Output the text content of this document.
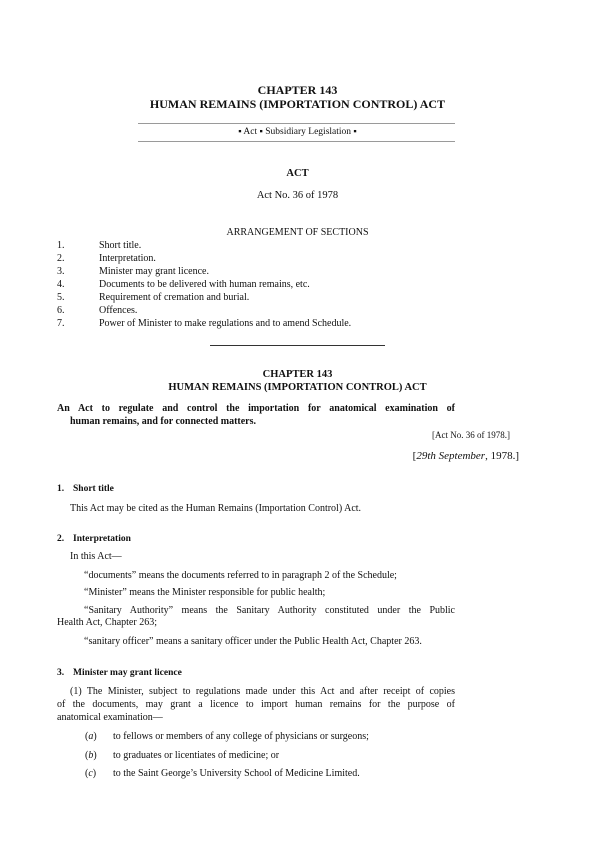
CHAPTER 143
HUMAN REMAINS (IMPORTATION CONTROL) ACT
▪ Act ▪ Subsidiary Legislation ▪
ACT
Act No. 36 of 1978
ARRANGEMENT OF SECTIONS
1.	Short title.
2.	Interpretation.
3.	Minister may grant licence.
4.	Documents to be delivered with human remains, etc.
5.	Requirement of cremation and burial.
6.	Offences.
7.	Power of Minister to make regulations and to amend Schedule.
CHAPTER 143
HUMAN REMAINS (IMPORTATION CONTROL) ACT
An Act to regulate and control the importation for anatomical examination of
human remains, and for connected matters.
[Act No. 36 of 1978.]
[29th September, 1978.]
1. Short title
This Act may be cited as the Human Remains (Importation Control) Act.
2. Interpretation
In this Act—
“documents” means the documents referred to in paragraph 2 of the Schedule;
“Minister” means the Minister responsible for public health;
“Sanitary Authority” means the Sanitary Authority constituted under the Public
Health Act, Chapter 263;
“sanitary officer” means a sanitary officer under the Public Health Act, Chapter 263.
3. Minister may grant licence
(1) The Minister, subject to regulations made under this Act and after receipt of copies
of the documents, may grant a licence to import human remains for the purpose of
anatomical examination—
( a )	to fellows or members of any college of physicians or surgeons;
( b )	to graduates or licentiates of medicine; or
( c )	to the Saint George’s University School of Medicine Limited.
